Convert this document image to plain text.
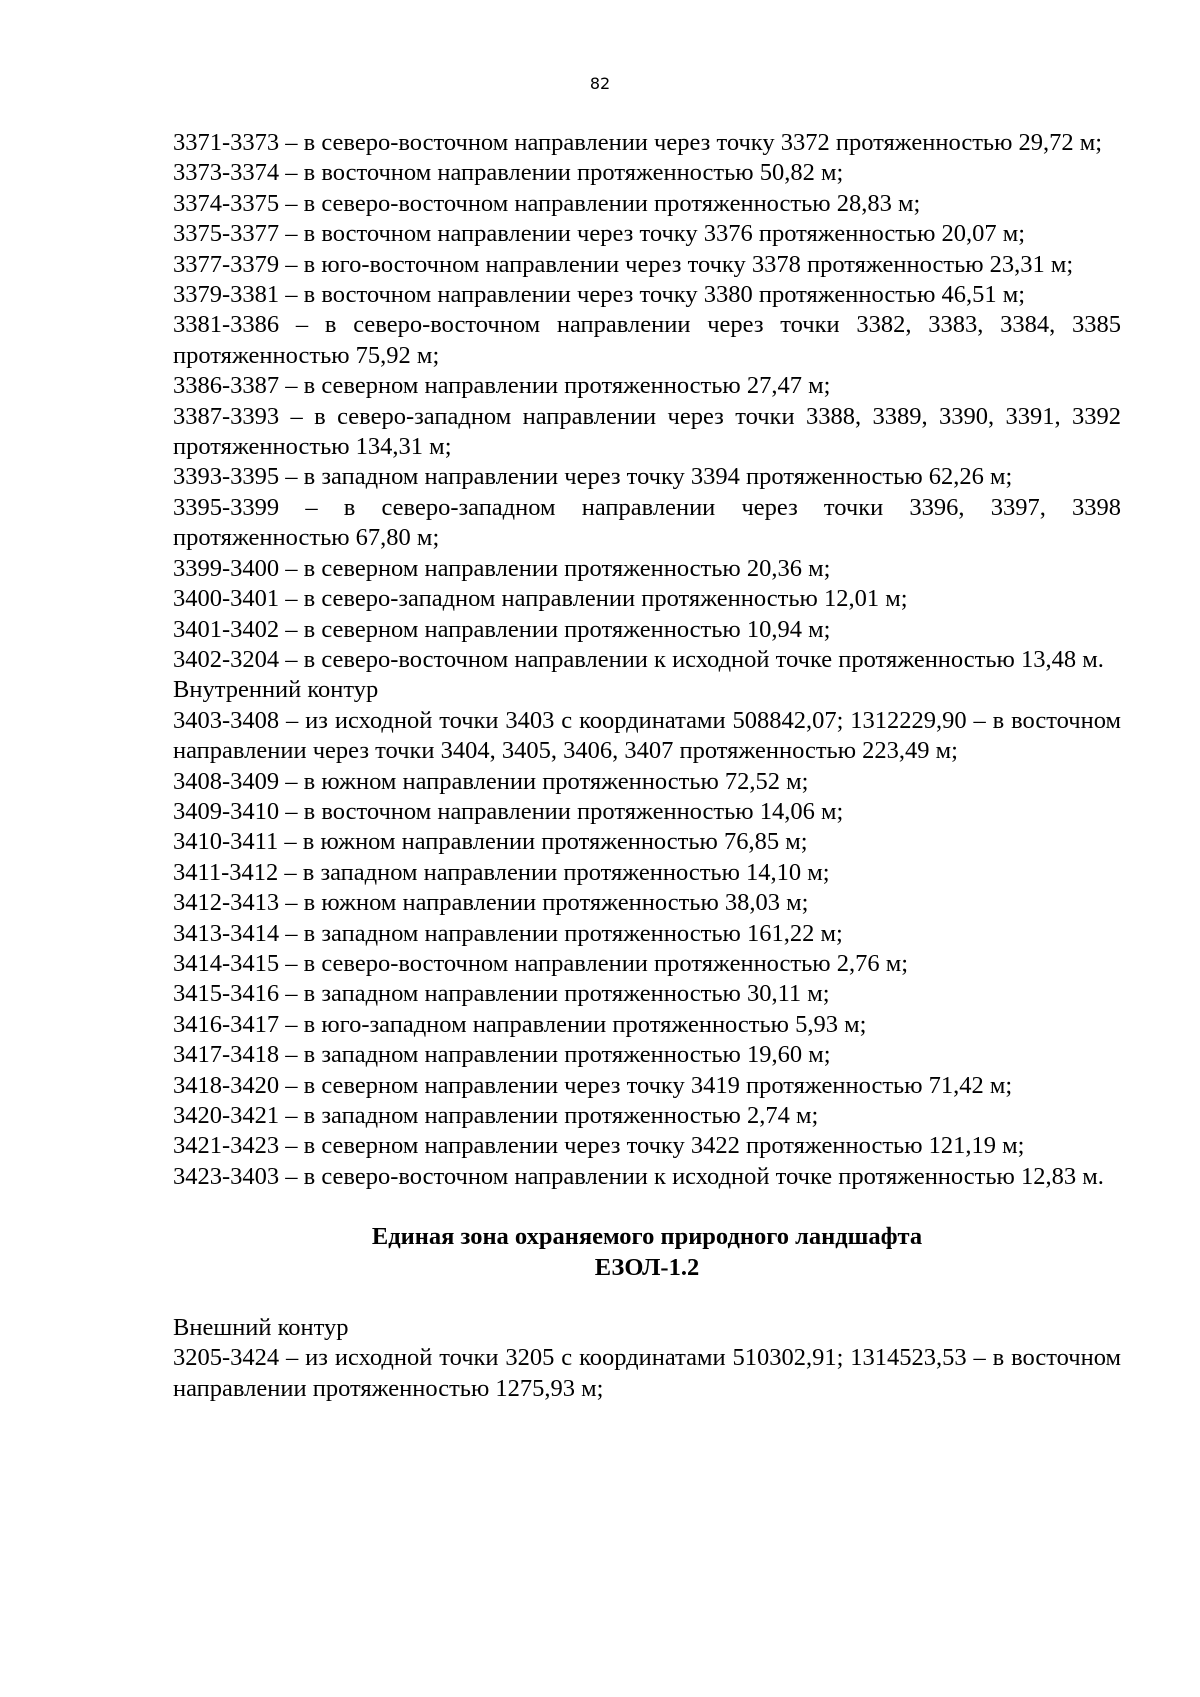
82

3371-3373 – в северо-восточном направлении через точку 3372 протяженностью 29,72 м;

3373-3374 – в восточном направлении протяженностью 50,82 м;

3374-3375 – в северо-восточном направлении протяженностью 28,83 м;

3375-3377 – в восточном направлении через точку 3376 протяженностью 20,07 м;

3377-3379 – в юго-восточном направлении через точку 3378 протяженностью 23,31 м;

3379-3381 – в восточном направлении через точку 3380 протяженностью 46,51 м;

3381-3386 – в северо-восточном направлении через точки 3382, 3383, 3384, 3385 протяженностью 75,92 м;

3386-3387 – в северном направлении протяженностью 27,47 м;

3387-3393 – в северо-западном направлении через точки 3388, 3389, 3390, 3391, 3392 протяженностью 134,31 м;

3393-3395 – в западном направлении через точку 3394 протяженностью 62,26 м;

3395-3399 – в северо-западном направлении через точки 3396, 3397, 3398 протяженностью 67,80 м;

3399-3400 – в северном направлении протяженностью 20,36 м;

3400-3401 – в северо-западном направлении протяженностью 12,01 м;

3401-3402 – в северном направлении протяженностью 10,94 м;

3402-3204 – в северо-восточном направлении к исходной точке протяженностью 13,48 м.

Внутренний контур

3403-3408 – из исходной точки 3403 с координатами 508842,07; 1312229,90 – в восточном направлении через точки 3404, 3405, 3406, 3407 протяженностью 223,49 м;

3408-3409 – в южном направлении протяженностью 72,52 м;

3409-3410 – в восточном направлении протяженностью 14,06 м;

3410-3411 – в южном направлении протяженностью 76,85 м;

3411-3412 – в западном направлении протяженностью 14,10 м;

3412-3413 – в южном направлении протяженностью 38,03 м;

3413-3414 – в западном направлении протяженностью 161,22 м;

3414-3415 – в северо-восточном направлении протяженностью 2,76 м;

3415-3416 – в западном направлении протяженностью 30,11 м;

3416-3417 – в юго-западном направлении протяженностью 5,93 м;

3417-3418 – в западном направлении протяженностью 19,60 м;

3418-3420 – в северном направлении через точку 3419 протяженностью 71,42 м;

3420-3421 – в западном направлении протяженностью 2,74 м;

3421-3423 – в северном направлении через точку 3422 протяженностью 121,19 м;

3423-3403 – в северо-восточном направлении к исходной точке протяженностью 12,83 м.

Единая зона охраняемого природного ландшафта

ЕЗОЛ-1.2

Внешний контур

3205-3424 – из исходной точки 3205 с координатами 510302,91; 1314523,53 – в восточном направлении протяженностью 1275,93 м;
